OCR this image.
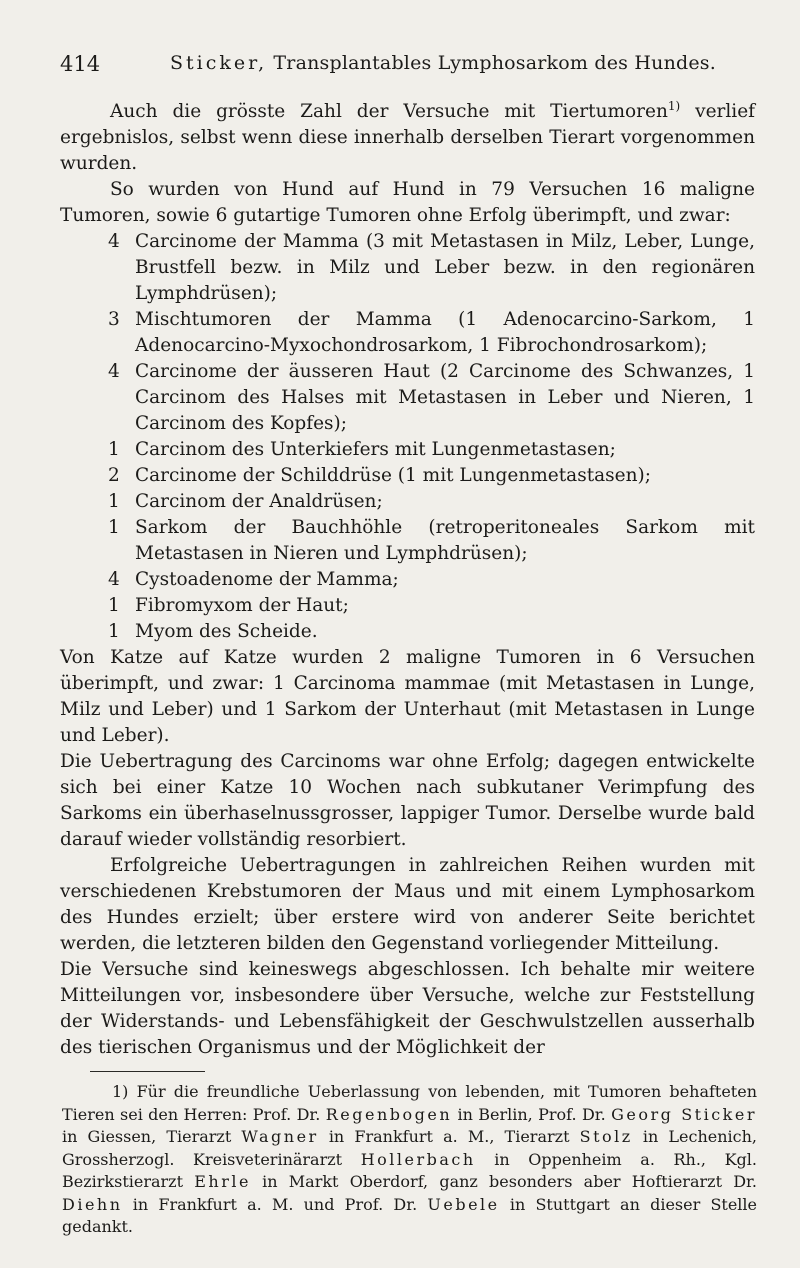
414	Sticker, Transplantables Lymphosarkom des Hundes.

Auch die grösste Zahl der Versuche mit Tiertumoren$^{1)}$ verlief ergebnislos, selbst wenn diese innerhalb derselben Tierart vorgenommen wurden.

So wurden von Hund auf Hund in 79 Versuchen 16 maligne Tumoren, sowie 6 gutartige Tumoren ohne Erfolg überimpft, und zwar:

4 Carcinome der Mamma (3 mit Metastasen in Milz, Leber, Lunge, Brustfell bezw. in Milz und Leber bezw. in den regionären Lymphdrüsen);
3 Mischtumoren der Mamma (1 Adenocarcino-Sarkom, 1 Adenocarcino-Myxochondrosarkom, 1 Fibrochondrosarkom);
4 Carcinome der äusseren Haut (2 Carcinome des Schwanzes, 1 Carcinom des Halses mit Metastasen in Leber und Nieren, 1 Carcinom des Kopfes);
1 Carcinom des Unterkiefers mit Lungenmetastasen;
2 Carcinome der Schilddrüse (1 mit Lungenmetastasen);
1 Carcinom der Analdrüsen;
1 Sarkom der Bauchhöhle (retroperitoneales Sarkom mit Metastasen in Nieren und Lymphdrüsen);
4 Cystoadenome der Mamma;
1 Fibromyxom der Haut;
1 Myom des Scheide.

Von Katze auf Katze wurden 2 maligne Tumoren in 6 Versuchen überimpft, und zwar: 1 Carcinoma mammae (mit Metastasen in Lunge, Milz und Leber) und 1 Sarkom der Unterhaut (mit Metastasen in Lunge und Leber).

Die Uebertragung des Carcinoms war ohne Erfolg; dagegen entwickelte sich bei einer Katze 10 Wochen nach subkutaner Verimpfung des Sarkoms ein überhaselnussgrosser, lappiger Tumor. Derselbe wurde bald darauf wieder vollständig resorbiert.

Erfolgreiche Uebertragungen in zahlreichen Reihen wurden mit verschiedenen Krebstumoren der Maus und mit einem Lymphosarkom des Hundes erzielt; über erstere wird von anderer Seite berichtet werden, die letzteren bilden den Gegenstand vorliegender Mitteilung.

Die Versuche sind keineswegs abgeschlossen. Ich behalte mir weitere Mitteilungen vor, insbesondere über Versuche, welche zur Feststellung der Widerstands- und Lebensfähigkeit der Geschwulstzellen ausserhalb des tierischen Organismus und der Möglichkeit der

1) Für die freundliche Ueberlassung von lebenden, mit Tumoren behafteten Tieren sei den Herren: Prof. Dr. Regenbogen in Berlin, Prof. Dr. Georg Sticker in Giessen, Tierarzt Wagner in Frankfurt a. M., Tierarzt Stolz in Lechenich, Grossherzogl. Kreisveterinärarzt Hollerbach in Oppenheim a. Rh., Kgl. Bezirkstierarzt Ehrle in Markt Oberdorf, ganz besonders aber Hoftierarzt Dr. Diehn in Frankfurt a. M. und Prof. Dr. Uebele in Stuttgart an dieser Stelle gedankt.
